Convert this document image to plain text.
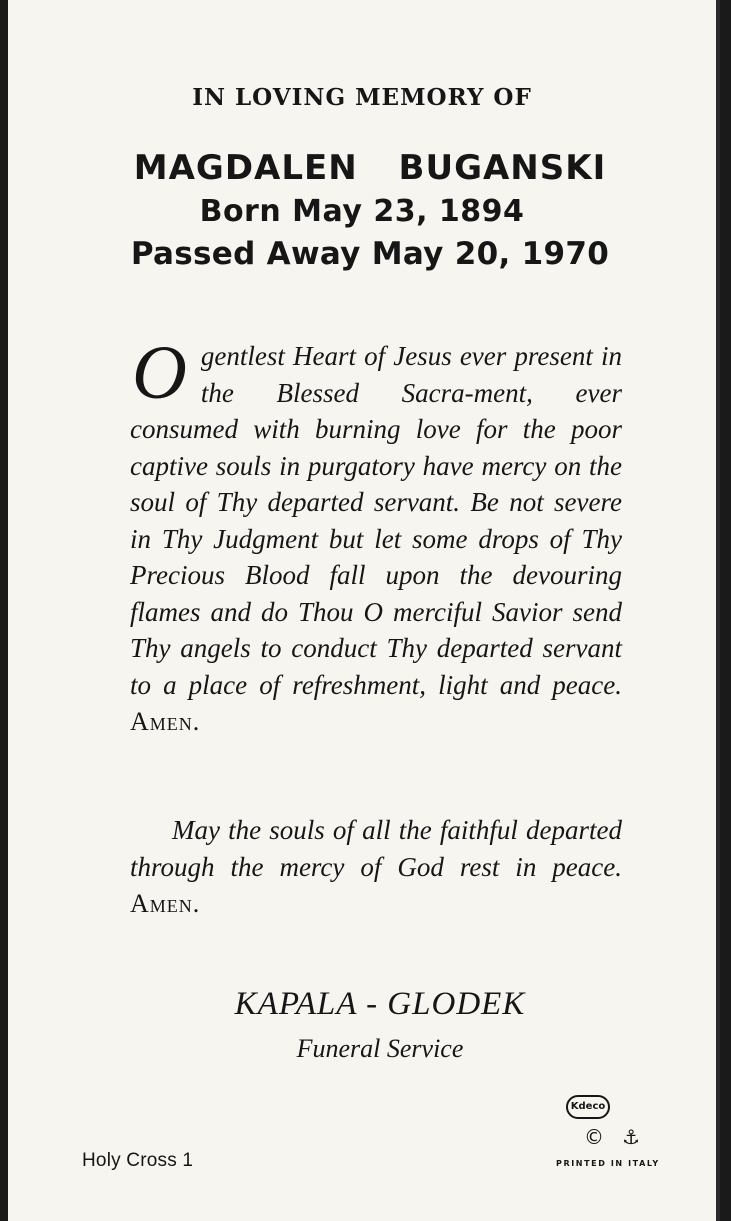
IN LOVING MEMORY OF
MAGDALEN BUGANSKI
Born May 23, 1894
Passed Away May 20, 1970
O gentlest Heart of Jesus ever present in the Blessed Sacra-ment, ever consumed with burning love for the poor captive souls in purgatory have mercy on the soul of Thy departed servant. Be not severe in Thy Judgment but let some drops of Thy Precious Blood fall upon the devouring flames and do Thou O merciful Savior send Thy angels to conduct Thy departed servant to a place of refreshment, light and peace. Amen.
May the souls of all the faithful departed through the mercy of God rest in peace. Amen.
KAPALA - GLODEK
Funeral Service
Holy Cross 1
Kdeco
© ⚓
PRINTED IN ITALY
